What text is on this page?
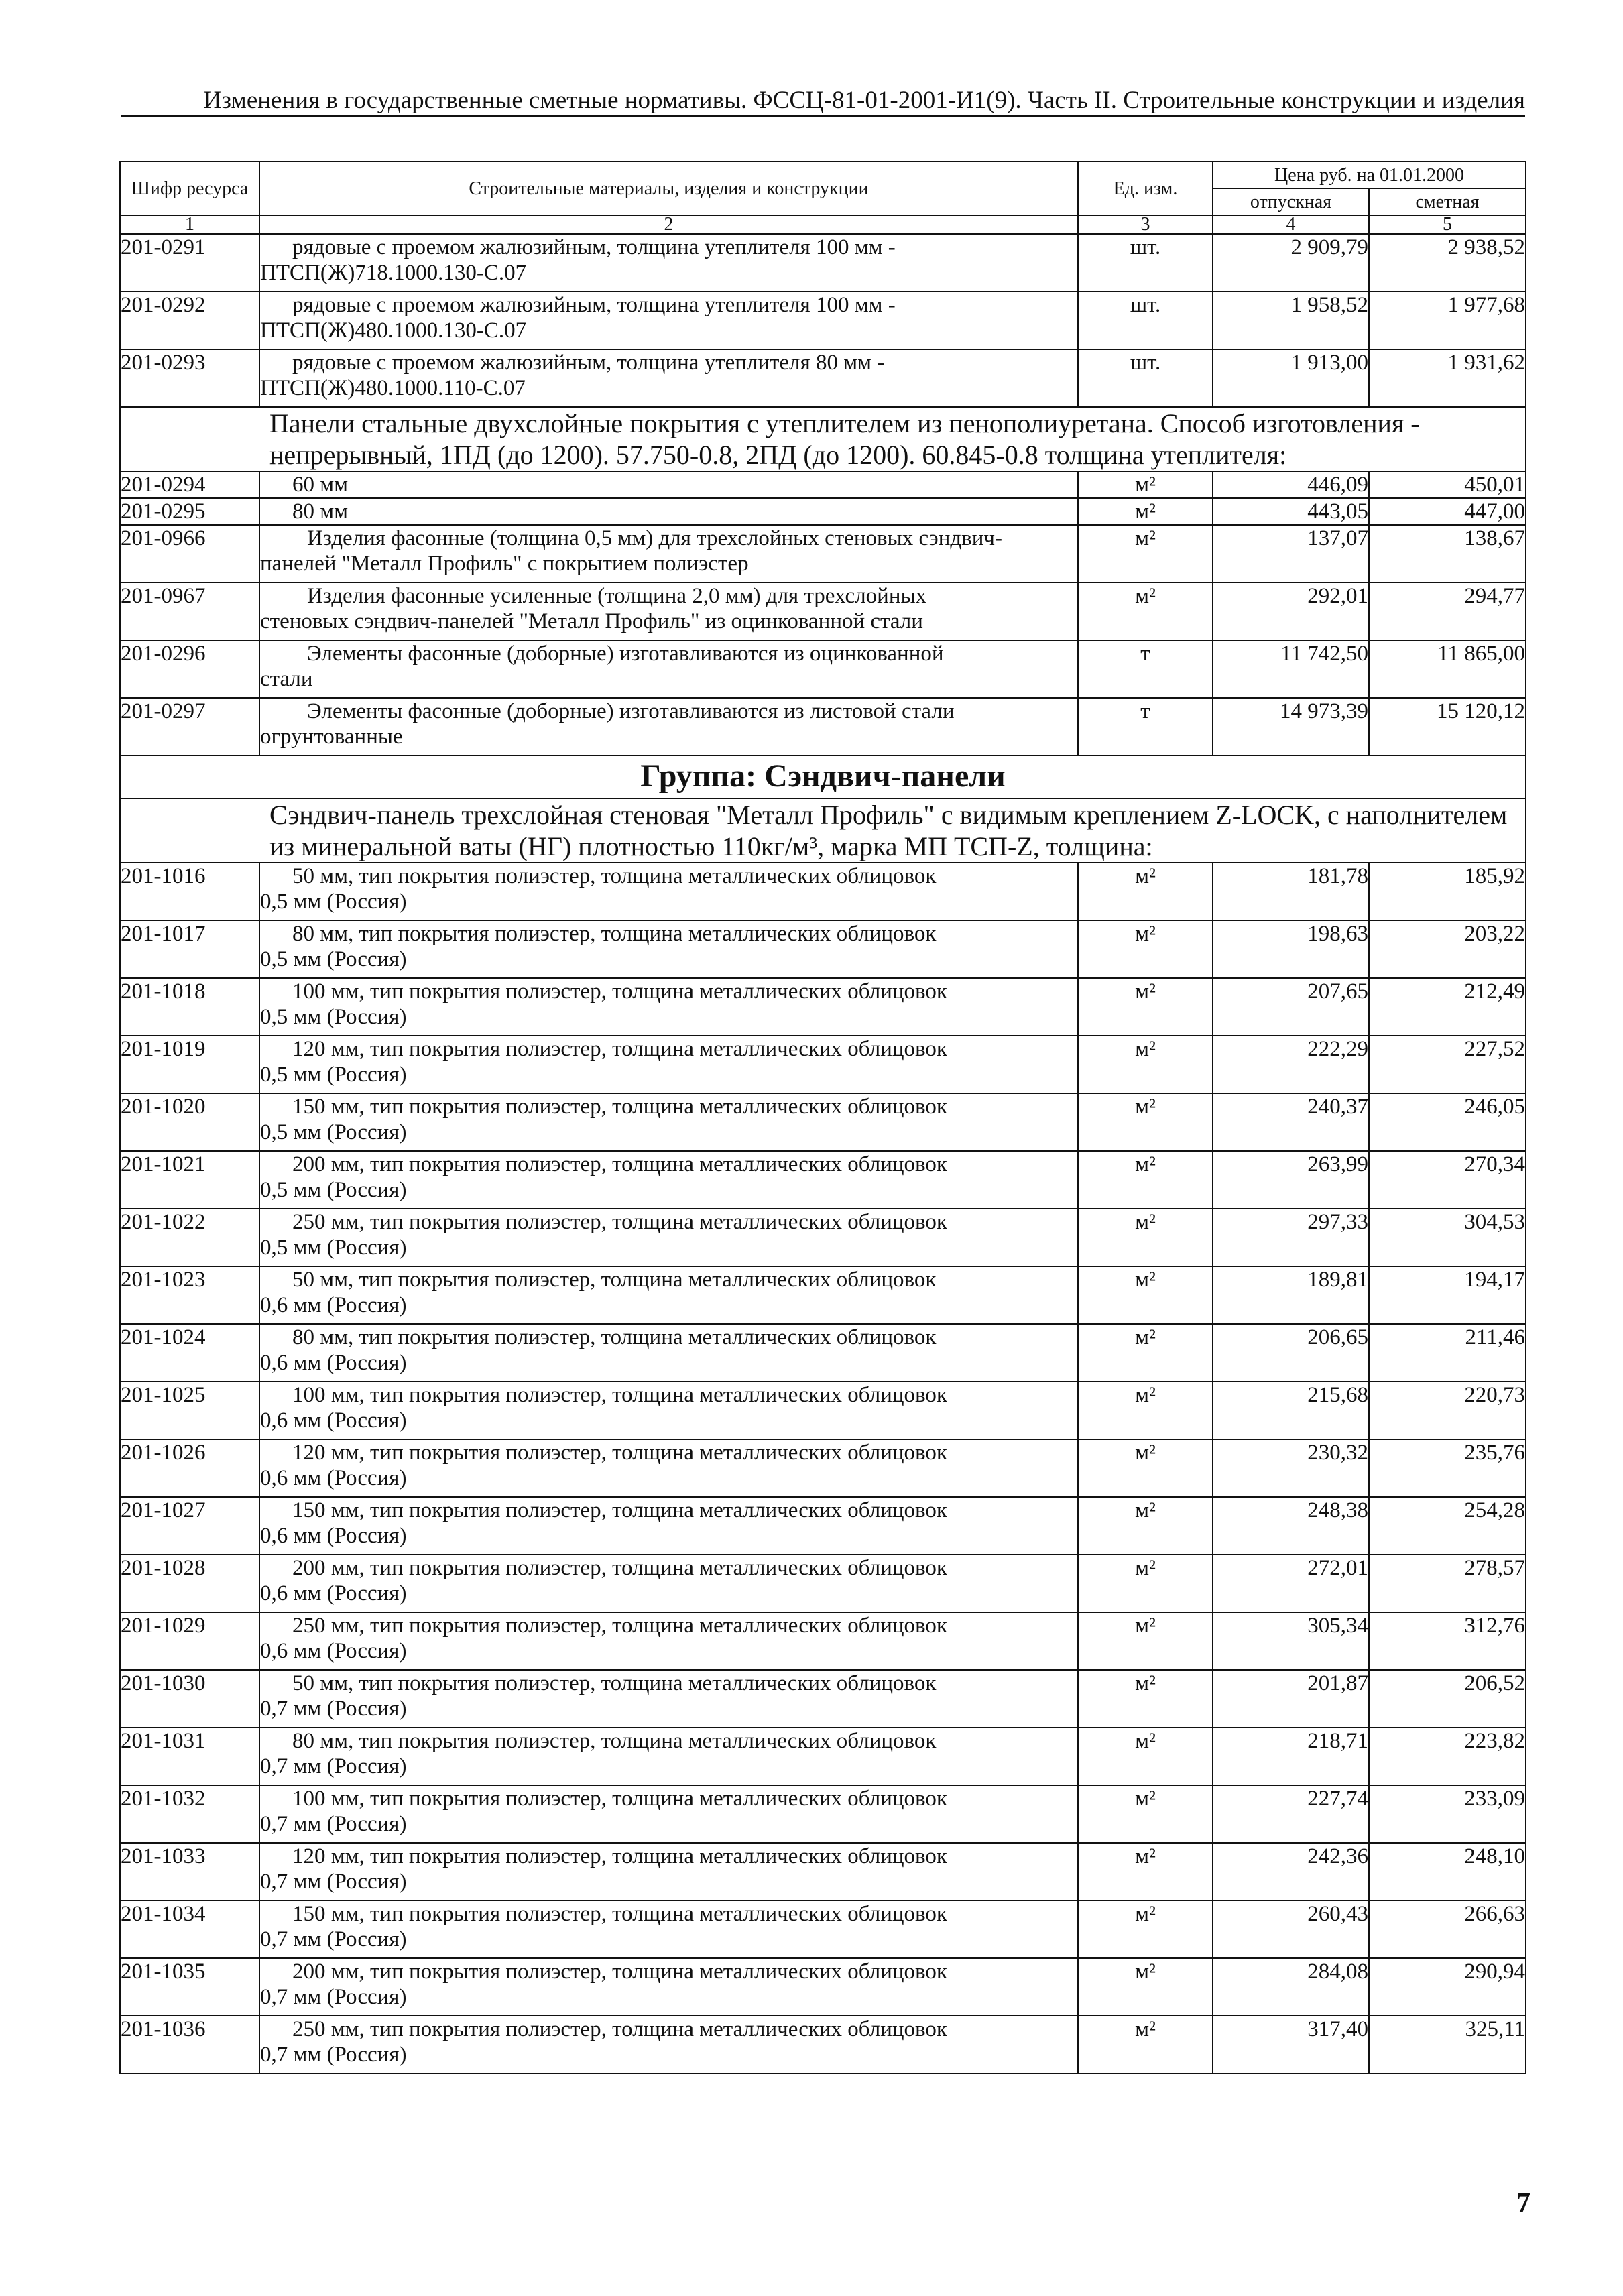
Изменения в государственные сметные нормативы. ФССЦ-81-01-2001-И1(9). Часть II. Строительные конструкции и изделия
Шифр ресурса	Строительные материалы, изделия и конструкции	Ед. изм.	Цена руб. на 01.01.2000	
			отпускная	сметная
1	2	3	4	5
201-0291	рядовые с проемом жалюзийным, толщина утеплителя 100 мм -
ПТСП(Ж)718.1000.130-С.07	шт.	2 909,79	2 938,52
201-0292	рядовые с проемом жалюзийным, толщина утеплителя 100 мм -
ПТСП(Ж)480.1000.130-С.07	шт.	1 958,52	1 977,68
201-0293	рядовые с проемом жалюзийным, толщина утеплителя 80 мм -
ПТСП(Ж)480.1000.110-С.07	шт.	1 913,00	1 931,62
Панели стальные двухслойные покрытия с утеплителем из пенополиуретана. Способ изготовления - непрерывный, 1ПД (до 1200). 57.750-0.8, 2ПД (до 1200). 60.845-0.8 толщина утеплителя:				
201-0294	60 мм	м²	446,09	450,01
201-0295	80 мм	м²	443,05	447,00
201-0966	Изделия фасонные (толщина 0,5 мм) для трехслойных стеновых сэндвич-
панелей "Металл Профиль" с покрытием полиэстер	м²	137,07	138,67
201-0967	Изделия фасонные усиленные (толщина 2,0 мм) для трехслойных
стеновых сэндвич-панелей "Металл Профиль" из оцинкованной стали	м²	292,01	294,77
201-0296	Элементы фасонные (доборные) изготавливаются из оцинкованной
стали	т	11 742,50	11 865,00
201-0297	Элементы фасонные (доборные) изготавливаются из листовой стали
огрунтованные	т	14 973,39	15 120,12
Группа: Сэндвич-панели				
Сэндвич-панель трехслойная стеновая "Металл Профиль" с видимым креплением Z-LOCK, с наполнителем из минеральной ваты (НГ) плотностью 110кг/м³, марка МП ТСП-Z, толщина:				
201-1016	50 мм, тип покрытия полиэстер, толщина металлических облицовок
0,5 мм (Россия)	м²	181,78	185,92
201-1017	80 мм, тип покрытия полиэстер, толщина металлических облицовок
0,5 мм (Россия)	м²	198,63	203,22
201-1018	100 мм, тип покрытия полиэстер, толщина металлических облицовок
0,5 мм (Россия)	м²	207,65	212,49
201-1019	120 мм, тип покрытия полиэстер, толщина металлических облицовок
0,5 мм (Россия)	м²	222,29	227,52
201-1020	150 мм, тип покрытия полиэстер, толщина металлических облицовок
0,5 мм (Россия)	м²	240,37	246,05
201-1021	200 мм, тип покрытия полиэстер, толщина металлических облицовок
0,5 мм (Россия)	м²	263,99	270,34
201-1022	250 мм, тип покрытия полиэстер, толщина металлических облицовок
0,5 мм (Россия)	м²	297,33	304,53
201-1023	50 мм, тип покрытия полиэстер, толщина металлических облицовок
0,6 мм (Россия)	м²	189,81	194,17
201-1024	80 мм, тип покрытия полиэстер, толщина металлических облицовок
0,6 мм (Россия)	м²	206,65	211,46
201-1025	100 мм, тип покрытия полиэстер, толщина металлических облицовок
0,6 мм (Россия)	м²	215,68	220,73
201-1026	120 мм, тип покрытия полиэстер, толщина металлических облицовок
0,6 мм (Россия)	м²	230,32	235,76
201-1027	150 мм, тип покрытия полиэстер, толщина металлических облицовок
0,6 мм (Россия)	м²	248,38	254,28
201-1028	200 мм, тип покрытия полиэстер, толщина металлических облицовок
0,6 мм (Россия)	м²	272,01	278,57
201-1029	250 мм, тип покрытия полиэстер, толщина металлических облицовок
0,6 мм (Россия)	м²	305,34	312,76
201-1030	50 мм, тип покрытия полиэстер, толщина металлических облицовок
0,7 мм (Россия)	м²	201,87	206,52
201-1031	80 мм, тип покрытия полиэстер, толщина металлических облицовок
0,7 мм (Россия)	м²	218,71	223,82
201-1032	100 мм, тип покрытия полиэстер, толщина металлических облицовок
0,7 мм (Россия)	м²	227,74	233,09
201-1033	120 мм, тип покрытия полиэстер, толщина металлических облицовок
0,7 мм (Россия)	м²	242,36	248,10
201-1034	150 мм, тип покрытия полиэстер, толщина металлических облицовок
0,7 мм (Россия)	м²	260,43	266,63
201-1035	200 мм, тип покрытия полиэстер, толщина металлических облицовок
0,7 мм (Россия)	м²	284,08	290,94
201-1036	250 мм, тип покрытия полиэстер, толщина металлических облицовок
0,7 мм (Россия)	м²	317,40	325,11
7
